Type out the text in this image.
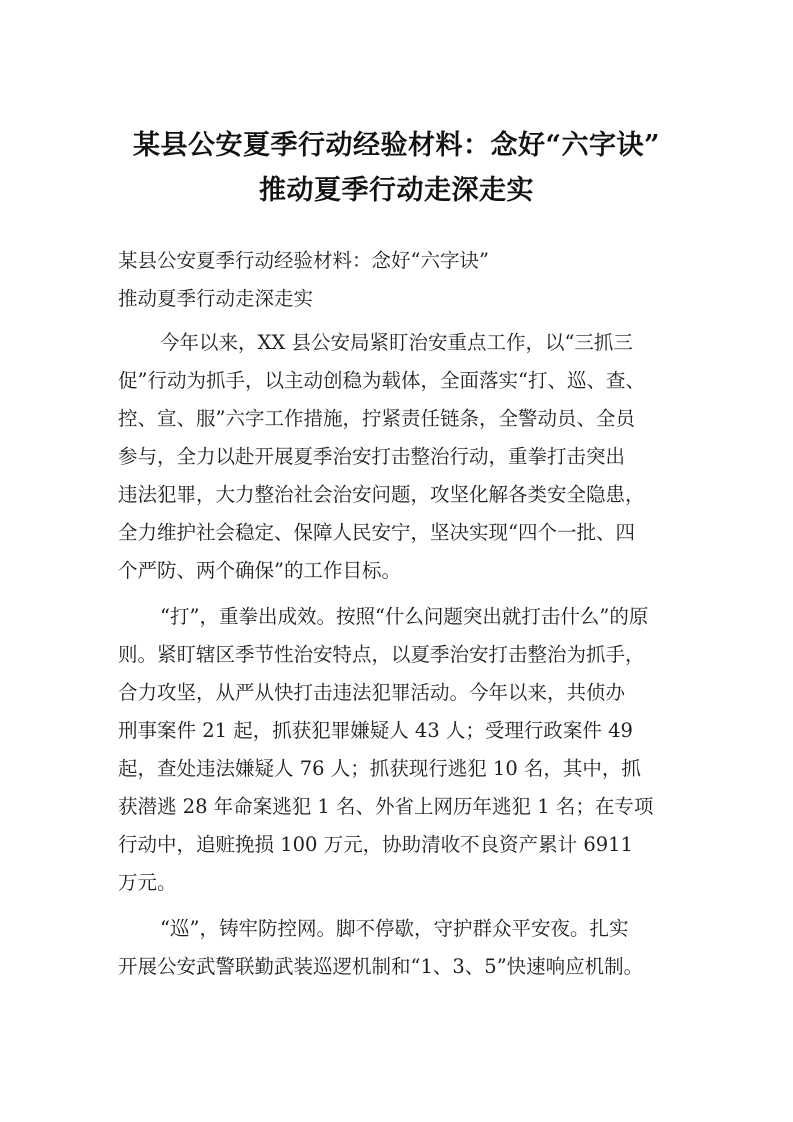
某县公安夏季行动经验材料：念好“六字诀”
推动夏季行动走深走实
某县公安夏季行动经验材料：念好“六字诀”
推动夏季行动走深走实
今年以来，XX 县公安局紧盯治安重点工作，以“三抓三
促”行动为抓手，以主动创稳为载体，全面落实“打、巡、查、
控、宣、服”六字工作措施，拧紧责任链条，全警动员、全员
参与，全力以赴开展夏季治安打击整治行动，重拳打击突出
违法犯罪，大力整治社会治安问题，攻坚化解各类安全隐患，
全力维护社会稳定、保障人民安宁，坚决实现“四个一批、四
个严防、两个确保”的工作目标。
“打”，重拳出成效。按照“什么问题突出就打击什么”的原
则。紧盯辖区季节性治安特点，以夏季治安打击整治为抓手，
合力攻坚，从严从快打击违法犯罪活动。今年以来，共侦办
刑事案件 21 起，抓获犯罪嫌疑人 43 人；受理行政案件 49
起，查处违法嫌疑人 76 人；抓获现行逃犯 10 名，其中，抓
获潜逃 28 年命案逃犯 1 名、外省上网历年逃犯 1 名；在专项
行动中，追赃挽损 100 万元，协助清收不良资产累计 6911
万元。
“巡”，铸牢防控网。脚不停歇，守护群众平安夜。扎实
开展公安武警联勤武装巡逻机制和“1、3、5”快速响应机制。
